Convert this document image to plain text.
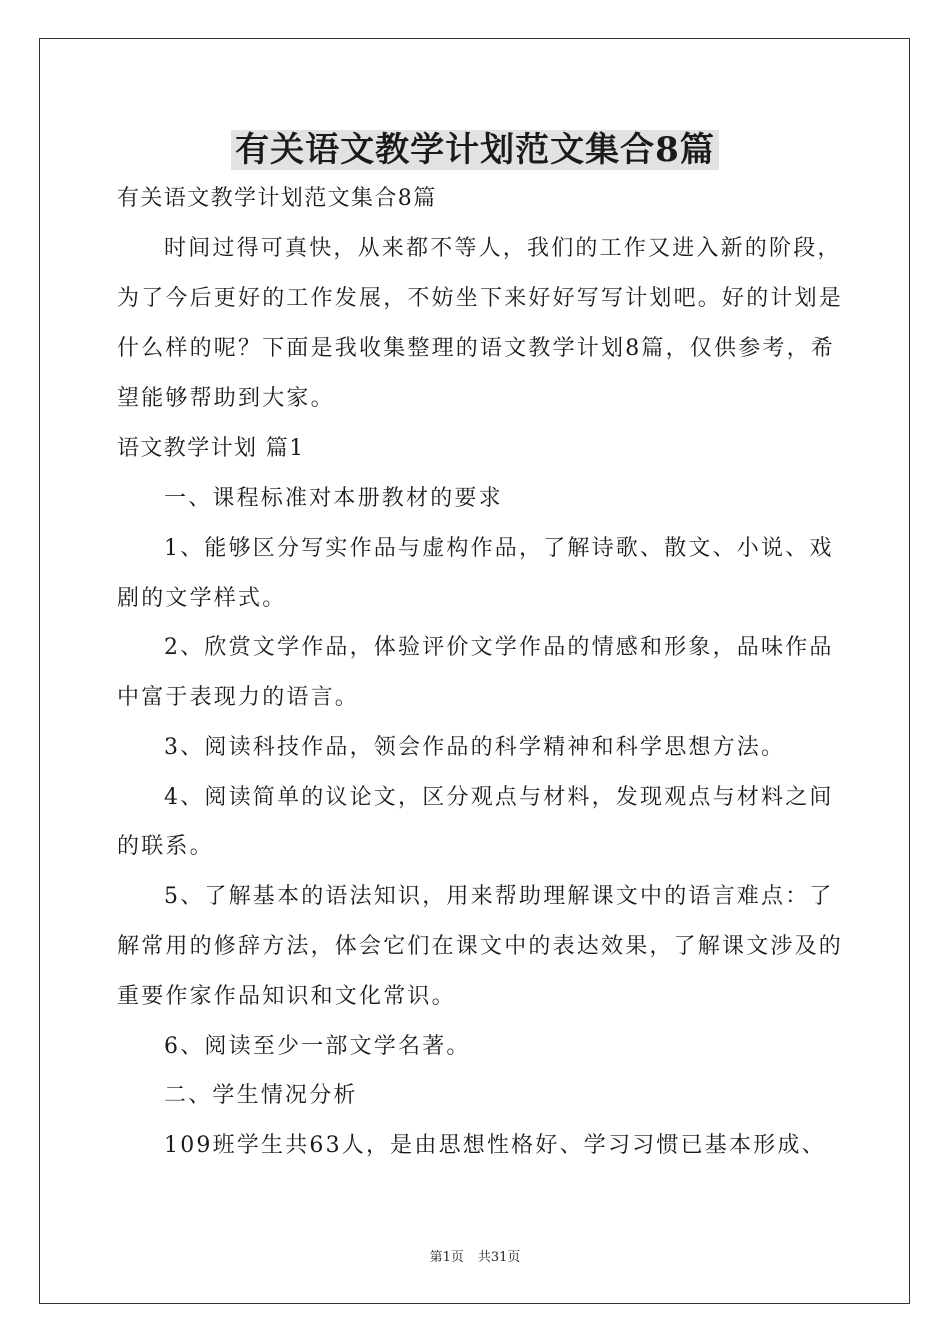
有关语文教学计划范文集合8篇
有关语文教学计划范文集合8篇
时间过得可真快，从来都不等人，我们的工作又进入新的阶段，
为了今后更好的工作发展，不妨坐下来好好写写计划吧。好的计划是
什么样的呢？下面是我收集整理的语文教学计划8篇，仅供参考，希
望能够帮助到大家。
语文教学计划 篇1
一、课程标准对本册教材的要求
1、能够区分写实作品与虚构作品，了解诗歌、散文、小说、戏
剧的文学样式。
2、欣赏文学作品，体验评价文学作品的情感和形象，品味作品
中富于表现力的语言。
3、阅读科技作品，领会作品的科学精神和科学思想方法。
4、阅读简单的议论文，区分观点与材料，发现观点与材料之间
的联系。
5、了解基本的语法知识，用来帮助理解课文中的语言难点：了
解常用的修辞方法，体会它们在课文中的表达效果，了解课文涉及的
重要作家作品知识和文化常识。
6、阅读至少一部文学名著。
二、学生情况分析
109班学生共63人，是由思想性格好、学习习惯已基本形成、
第1页 共31页
